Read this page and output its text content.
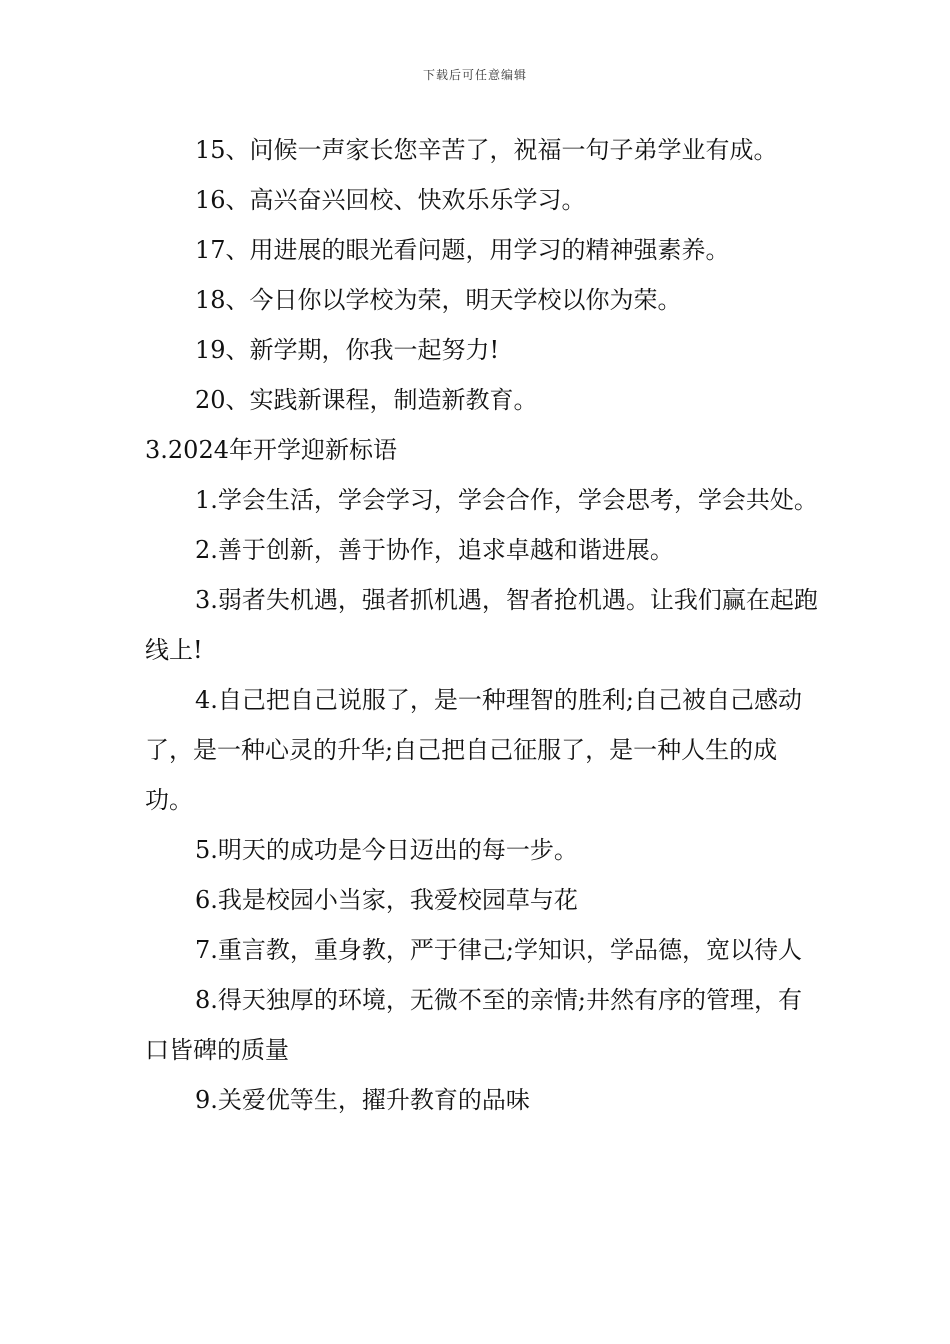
下载后可任意编辑

15、问候一声家长您辛苦了，祝福一句子弟学业有成。

16、高兴奋兴回校、快欢乐乐学习。

17、用进展的眼光看问题，用学习的精神强素养。

18、今日你以学校为荣，明天学校以你为荣。

19、新学期，你我一起努力!

20、实践新课程，制造新教育。

3.2024年开学迎新标语

1.学会生活，学会学习，学会合作，学会思考，学会共处。

2.善于创新，善于协作，追求卓越和谐进展。

3.弱者失机遇，强者抓机遇，智者抢机遇。让我们赢在起跑线上!

4.自己把自己说服了，是一种理智的胜利;自己被自己感动了，是一种心灵的升华;自己把自己征服了，是一种人生的成功。

5.明天的成功是今日迈出的每一步。

6.我是校园小当家，我爱校园草与花

7.重言教，重身教，严于律己;学知识，学品德，宽以待人

8.得天独厚的环境，无微不至的亲情;井然有序的管理，有口皆碑的质量

9.关爱优等生，擢升教育的品味
